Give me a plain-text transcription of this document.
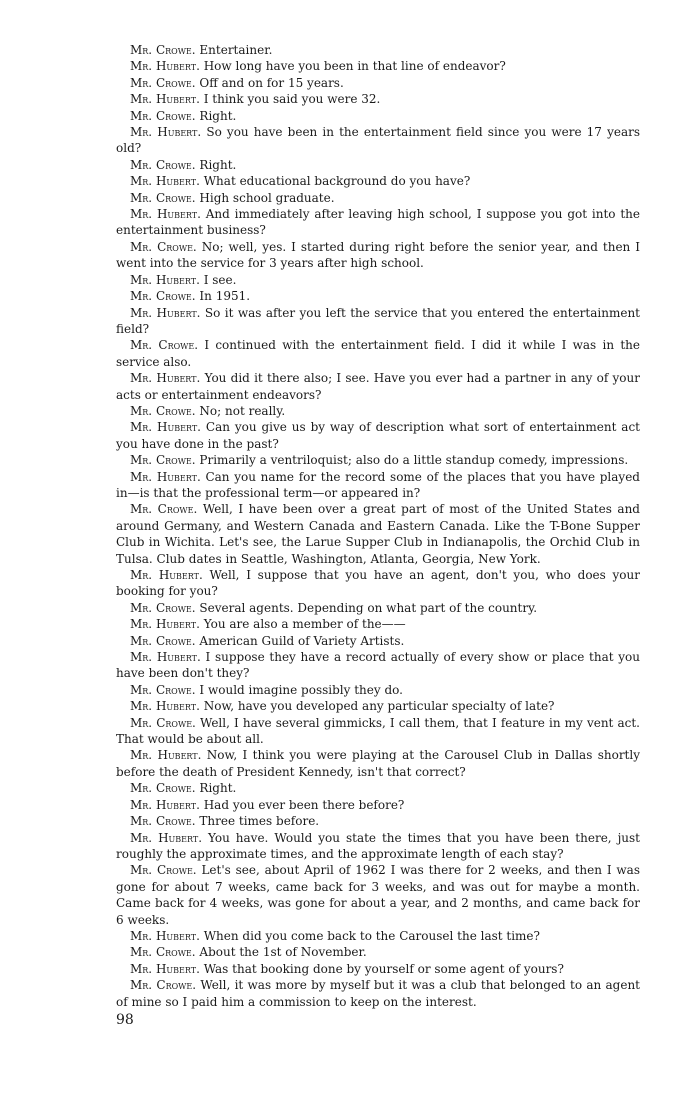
Mr. Crowe. Entertainer.

Mr. Hubert. How long have you been in that line of endeavor?

Mr. Crowe. Off and on for 15 years.

Mr. Hubert. I think you said you were 32.

Mr. Crowe. Right.

Mr. Hubert. So you have been in the entertainment field since you were 17 years old?

Mr. Crowe. Right.

Mr. Hubert. What educational background do you have?

Mr. Crowe. High school graduate.

Mr. Hubert. And immediately after leaving high school, I suppose you got into the entertainment business?

Mr. Crowe. No; well, yes. I started during right before the senior year, and then I went into the service for 3 years after high school.

Mr. Hubert. I see.

Mr. Crowe. In 1951.

Mr. Hubert. So it was after you left the service that you entered the entertainment field?

Mr. Crowe. I continued with the entertainment field. I did it while I was in the service also.

Mr. Hubert. You did it there also; I see. Have you ever had a partner in any of your acts or entertainment endeavors?

Mr. Crowe. No; not really.

Mr. Hubert. Can you give us by way of description what sort of entertainment act you have done in the past?

Mr. Crowe. Primarily a ventriloquist; also do a little standup comedy, impressions.

Mr. Hubert. Can you name for the record some of the places that you have played in—is that the professional term—or appeared in?

Mr. Crowe. Well, I have been over a great part of most of the United States and around Germany, and Western Canada and Eastern Canada. Like the T-Bone Supper Club in Wichita. Let's see, the Larue Supper Club in Indianapolis, the Orchid Club in Tulsa. Club dates in Seattle, Washington, Atlanta, Georgia, New York.

Mr. Hubert. Well, I suppose that you have an agent, don't you, who does your booking for you?

Mr. Crowe. Several agents. Depending on what part of the country.

Mr. Hubert. You are also a member of the——

Mr. Crowe. American Guild of Variety Artists.

Mr. Hubert. I suppose they have a record actually of every show or place that you have been don't they?

Mr. Crowe. I would imagine possibly they do.

Mr. Hubert. Now, have you developed any particular specialty of late?

Mr. Crowe. Well, I have several gimmicks, I call them, that I feature in my vent act. That would be about all.

Mr. Hubert. Now, I think you were playing at the Carousel Club in Dallas shortly before the death of President Kennedy, isn't that correct?

Mr. Crowe. Right.

Mr. Hubert. Had you ever been there before?

Mr. Crowe. Three times before.

Mr. Hubert. You have. Would you state the times that you have been there, just roughly the approximate times, and the approximate length of each stay?

Mr. Crowe. Let's see, about April of 1962 I was there for 2 weeks, and then I was gone for about 7 weeks, came back for 3 weeks, and was out for maybe a month. Came back for 4 weeks, was gone for about a year, and 2 months, and came back for 6 weeks.

Mr. Hubert. When did you come back to the Carousel the last time?

Mr. Crowe. About the 1st of November.

Mr. Hubert. Was that booking done by yourself or some agent of yours?

Mr. Crowe. Well, it was more by myself but it was a club that belonged to an agent of mine so I paid him a commission to keep on the interest.

98
